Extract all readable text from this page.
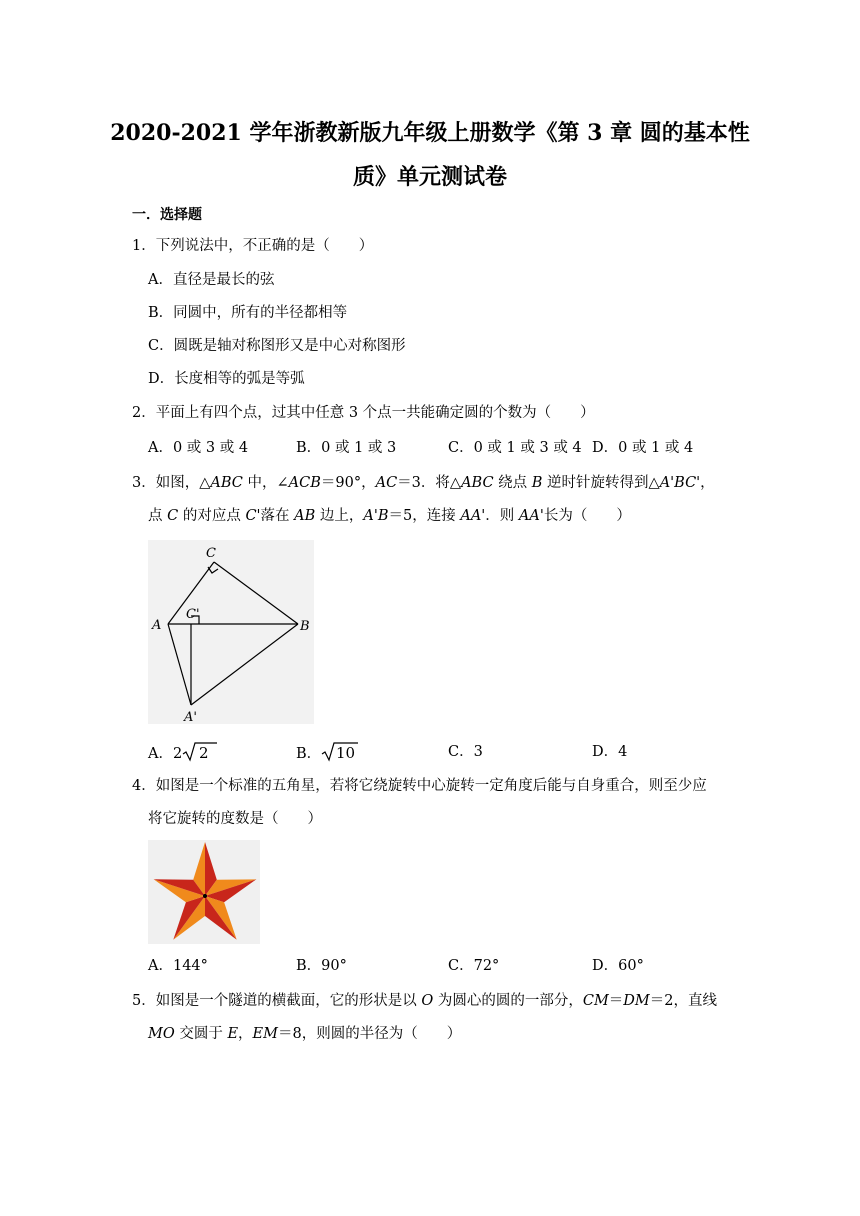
2020-2021 学年浙教新版九年级上册数学《第 3 章 圆的基本性
质》单元测试卷
一．选择题
1．下列说法中，不正确的是（　　）
A．直径是最长的弦
B．同圆中，所有的半径都相等
C．圆既是轴对称图形又是中心对称图形
D．长度相等的弧是等弧
2．平面上有四个点，过其中任意 3 个点一共能确定圆的个数为（　　）
A．0 或 3 或 4	B．0 或 1 或 3	C．0 或 1 或 3 或 4 D．0 或 1 或 4
3．如图，△ABC 中，∠ACB＝90°，AC＝3．将△ABC 绕点 B 逆时针旋转得到△A'BC'，
点 C 的对应点 C'落在 AB 边上，A'B＝5，连接 AA'．则 AA'长为（　　）
C
A
C'
B
A'
A．2 2	B． 10	C．3	D．4
4．如图是一个标准的五角星，若将它绕旋转中心旋转一定角度后能与自身重合，则至少应
将它旋转的度数是（　　）
A．144°	B．90°	C．72°	D．60°
5．如图是一个隧道的横截面，它的形状是以 O 为圆心的圆的一部分，CM＝DM＝2，直线
MO 交圆于 E，EM＝8，则圆的半径为（　　）
